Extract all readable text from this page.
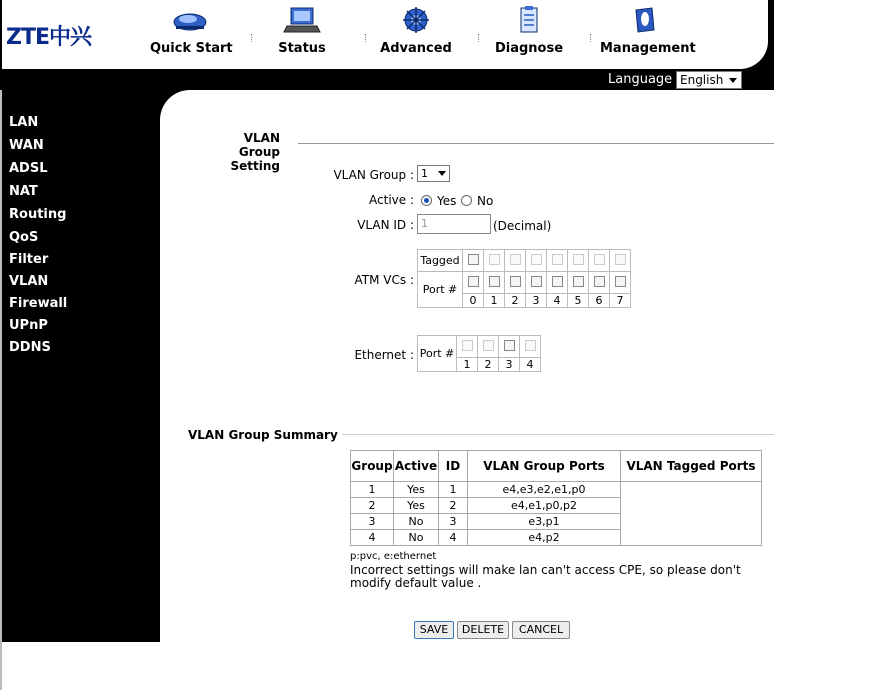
ZTE中兴	Quick Start	Status	Advanced	Diagnose	Management
Language English
LAN
WAN
ADSL
NAT
Routing
QoS
Filter
VLAN
Firewall
UPnP
DDNS
VLAN Group
Setting
VLAN Group : 1
Active : Yes No
VLAN ID : 1	(Decimal)
ATM VCs :
Tagged								
Port #								
	0	1	2	3	4	5	6	7
Ethernet : Port #				
	1	2	3	4
VLAN Group Summary
Group	Active	ID	VLAN Group Ports	VLAN Tagged Ports
1	Yes	1	e4,e3,e2,e1,p0	
2	Yes	2	e4,e1,p0,p2	
3	No	3	e3,p1	
4	No	4	e4,p2	
p:pvc, e:ethernet
Incorrect settings will make lan can't access CPE, so please don't modify default value .
SAVE	DELETE	CANCEL
